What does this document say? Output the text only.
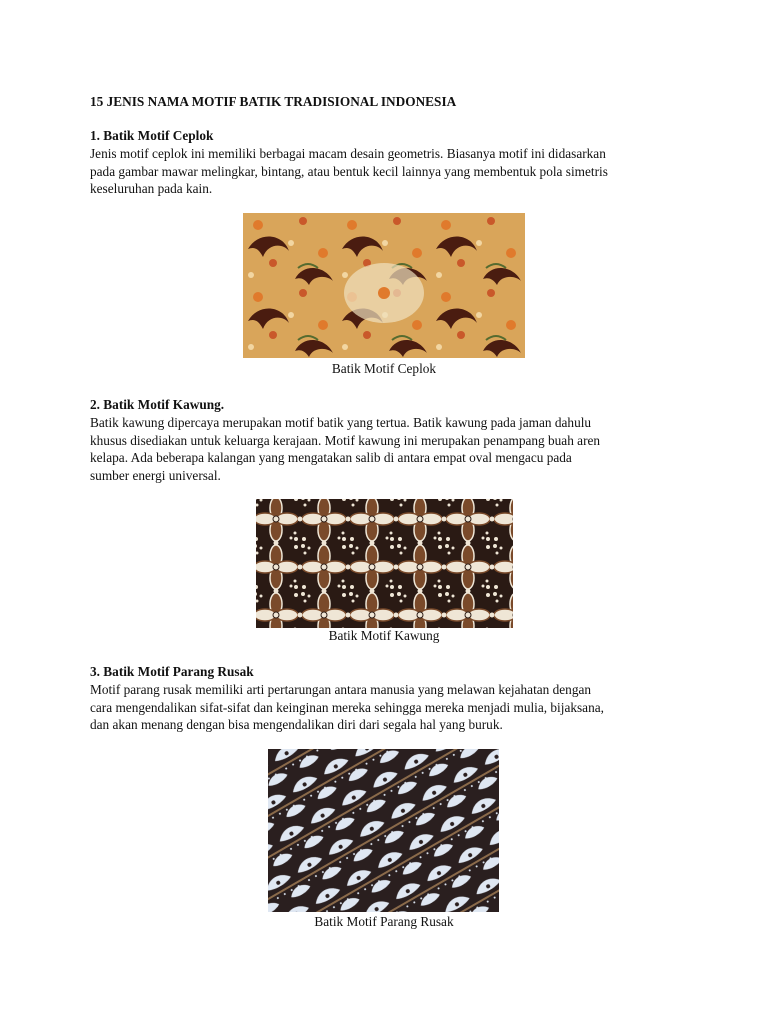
15 JENIS NAMA MOTIF BATIK TRADISIONAL INDONESIA
1. Batik Motif Ceplok
Jenis motif ceplok ini memiliki berbagai macam desain geometris. Biasanya motif ini didasarkan
pada gambar mawar melingkar, bintang, atau bentuk kecil lainnya yang membentuk pola simetris
keseluruhan pada kain.
Batik Motif Ceplok
2. Batik Motif Kawung.
Batik kawung dipercaya merupakan motif batik yang tertua. Batik kawung pada jaman dahulu
khusus disediakan untuk keluarga kerajaan. Motif kawung ini merupakan penampang buah aren
kelapa. Ada beberapa kalangan yang mengatakan salib di antara empat oval mengacu pada
sumber energi universal.
Batik Motif Kawung
3. Batik Motif Parang Rusak
Motif parang rusak memiliki arti pertarungan antara manusia yang melawan kejahatan dengan
cara mengendalikan sifat-sifat dan keinginan mereka sehingga mereka menjadi mulia, bijaksana,
dan akan menang dengan bisa mengendalikan diri dari segala hal yang buruk.
Batik Motif Parang Rusak
